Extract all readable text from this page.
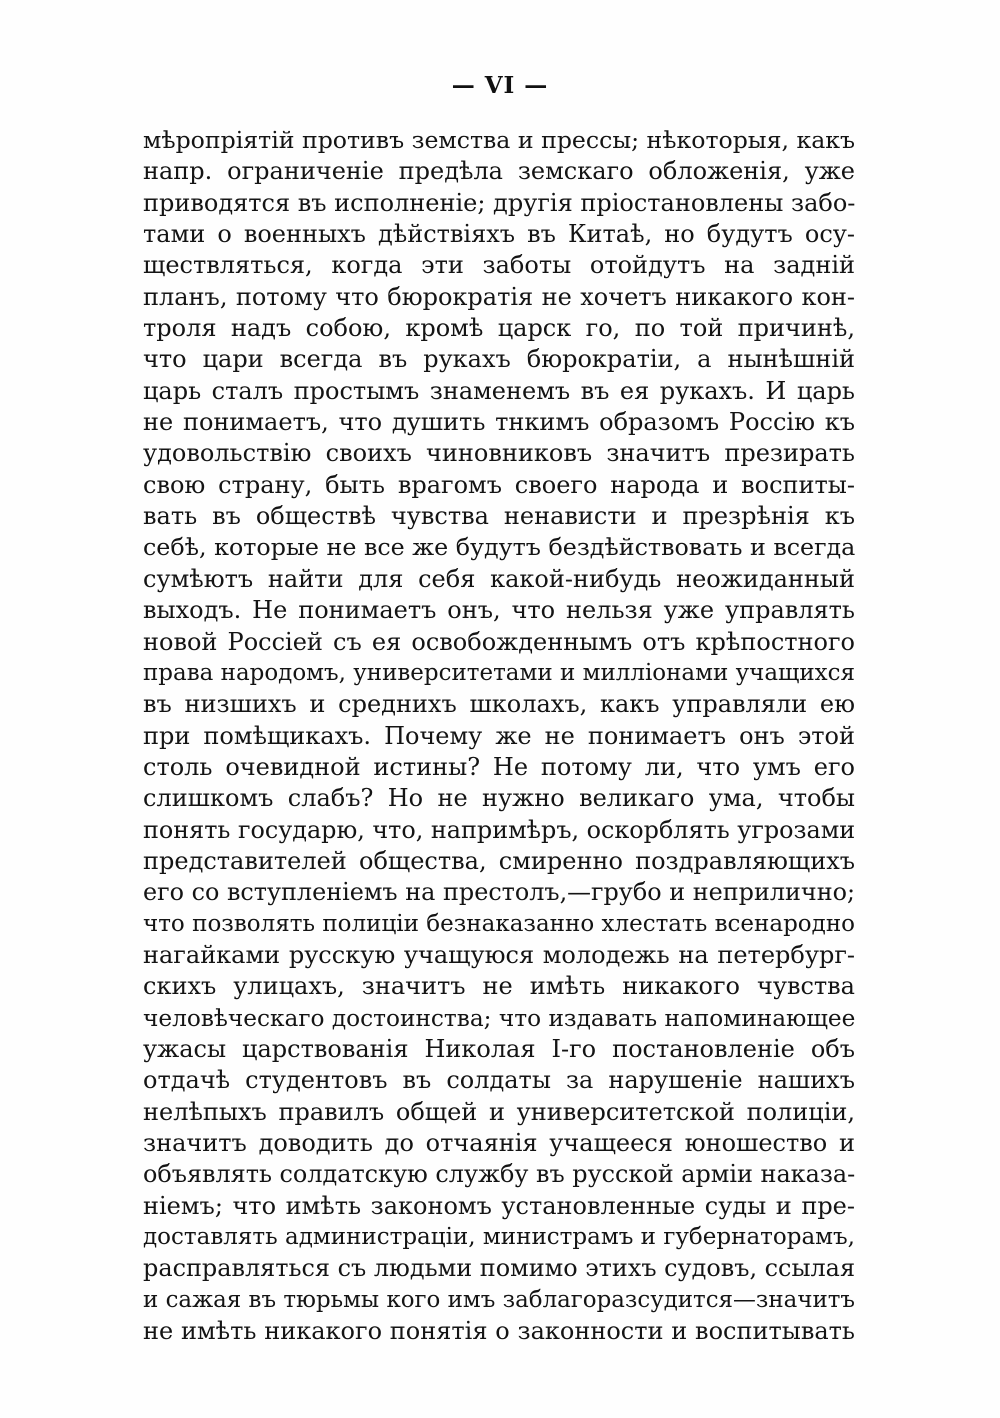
— VI —
мѣропріятій противъ земства и прессы; нѣкоторыя, какъ
напр. ограниченіе предѣла земскаго обложенія, уже
приводятся въ исполненіе; другія пріостановлены забо-
тами о военныхъ дѣйствіяхъ въ Китаѣ, но будутъ осу-
ществляться, когда эти заботы отойдутъ на задній
планъ, потому что бюрократія не хочетъ никакого кон-
троля надъ собою, кромѣ царск го, по той причинѣ,
что цари всегда въ рукахъ бюрократіи, а нынѣшній
царь сталъ простымъ знаменемъ въ ея рукахъ. И царь
не понимаетъ, что душить тнкимъ образомъ Россію къ
удовольствію своихъ чиновниковъ значитъ презирать
свою страну, быть врагомъ своего народа и воспиты-
вать въ обществѣ чувства ненависти и презрѣнія къ
себѣ, которые не все же будутъ бездѣйствовать и всегда
сумѣютъ найти для себя какой-нибудь неожиданный
выходъ. Не понимаетъ онъ, что нельзя уже управлять
новой Россіей съ ея освобожденнымъ отъ крѣпостного
права народомъ, университетами и милліонами учащихся
въ низшихъ и среднихъ школахъ, какъ управляли ею
при помѣщикахъ. Почему же не понимаетъ онъ этой
столь очевидной истины? Не потому ли, что умъ его
слишкомъ слабъ? Но не нужно великаго ума, чтобы
понять государю, что, напримѣръ, оскорблять угрозами
представителей общества, смиренно поздравляющихъ
его со вступленіемъ на престолъ,—грубо и неприлично;
что позволять полиціи безнаказанно хлестать всенародно
нагайками русскую учащуюся молодежь на петербург-
скихъ улицахъ, значитъ не имѣть никакого чувства
человѣческаго достоинства; что издавать напоминающее
ужасы царствованія Николая I-го постановленіе объ
отдачѣ студентовъ въ солдаты за нарушеніе нашихъ
нелѣпыхъ правилъ общей и университетской полиціи,
значитъ доводить до отчаянія учащееся юношество и
объявлять солдатскую службу въ русской арміи наказа-
ніемъ; что имѣть закономъ установленные суды и пре-
доставлять администраціи, министрамъ и губернаторамъ,
расправляться съ людьми помимо этихъ судовъ, ссылая
и сажая въ тюрьмы кого имъ заблагоразсудится—значитъ
не имѣть никакого понятія о законности и воспитывать
